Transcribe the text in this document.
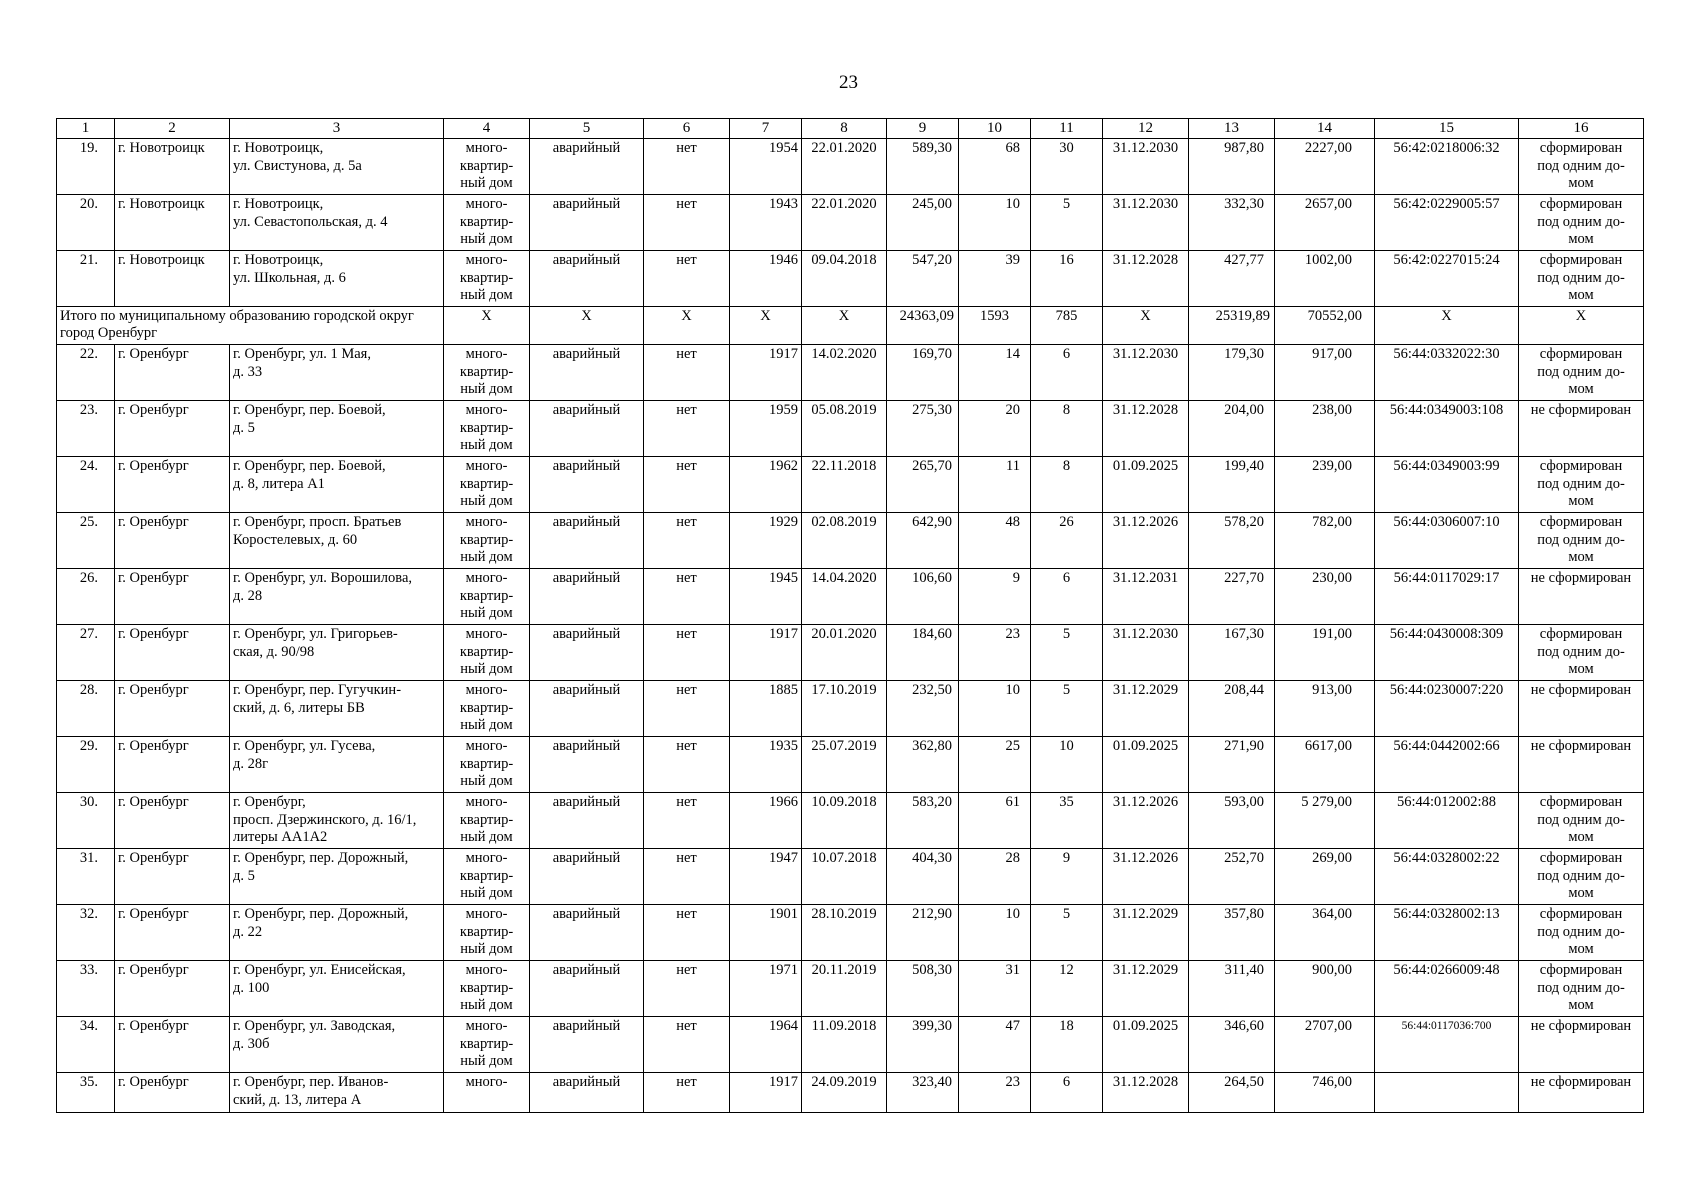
23
1	2	3	4	5	6	7	8	9	10	11	12	13	14	15	16
19.	г. Новотроицк	г. Новотроицк,
ул. Свистунова, д. 5а	много-
квартир-
ный дом	аварийный	нет	1954	22.01.2020	589,30	68	30	31.12.2030	987,80	2227,00	56:42:0218006:32	сформирован
под одним до-
мом
20.	г. Новотроицк	г. Новотроицк,
ул. Севастопольская, д. 4	много-
квартир-
ный дом	аварийный	нет	1943	22.01.2020	245,00	10	5	31.12.2030	332,30	2657,00	56:42:0229005:57	сформирован
под одним до-
мом
21.	г. Новотроицк	г. Новотроицк,
ул. Школьная, д. 6	много-
квартир-
ный дом	аварийный	нет	1946	09.04.2018	547,20	39	16	31.12.2028	427,77	1002,00	56:42:0227015:24	сформирован
под одним до-
мом
Итого по муниципальному образованию городской округ город Оренбург			X	X	X	X	X	24363,09	1593	785	X	25319,89	70552,00	X	X
22.	г. Оренбург	г. Оренбург, ул. 1 Мая,
д. 33	много-
квартир-
ный дом	аварийный	нет	1917	14.02.2020	169,70	14	6	31.12.2030	179,30	917,00	56:44:0332022:30	сформирован
под одним до-
мом
23.	г. Оренбург	г. Оренбург, пер. Боевой,
д. 5	много-
квартир-
ный дом	аварийный	нет	1959	05.08.2019	275,30	20	8	31.12.2028	204,00	238,00	56:44:0349003:108	не сформирован
24.	г. Оренбург	г. Оренбург, пер. Боевой,
д. 8, литера А1	много-
квартир-
ный дом	аварийный	нет	1962	22.11.2018	265,70	11	8	01.09.2025	199,40	239,00	56:44:0349003:99	сформирован
под одним до-
мом
25.	г. Оренбург	г. Оренбург, просп. Братьев
Коростелевых, д. 60	много-
квартир-
ный дом	аварийный	нет	1929	02.08.2019	642,90	48	26	31.12.2026	578,20	782,00	56:44:0306007:10	сформирован
под одним до-
мом
26.	г. Оренбург	г. Оренбург, ул. Ворошилова,
д. 28	много-
квартир-
ный дом	аварийный	нет	1945	14.04.2020	106,60	9	6	31.12.2031	227,70	230,00	56:44:0117029:17	не сформирован
27.	г. Оренбург	г. Оренбург, ул. Григорьев-
ская, д. 90/98	много-
квартир-
ный дом	аварийный	нет	1917	20.01.2020	184,60	23	5	31.12.2030	167,30	191,00	56:44:0430008:309	сформирован
под одним до-
мом
28.	г. Оренбург	г. Оренбург, пер. Гугучкин-
ский, д. 6, литеры БВ	много-
квартир-
ный дом	аварийный	нет	1885	17.10.2019	232,50	10	5	31.12.2029	208,44	913,00	56:44:0230007:220	не сформирован
29.	г. Оренбург	г. Оренбург, ул. Гусева,
д. 28г	много-
квартир-
ный дом	аварийный	нет	1935	25.07.2019	362,80	25	10	01.09.2025	271,90	6617,00	56:44:0442002:66	не сформирован
30.	г. Оренбург	г. Оренбург,
просп. Дзержинского, д. 16/1,
литеры АА1А2	много-
квартир-
ный дом	аварийный	нет	1966	10.09.2018	583,20	61	35	31.12.2026	593,00	5 279,00	56:44:012002:88	сформирован
под одним до-
мом
31.	г. Оренбург	г. Оренбург, пер. Дорожный,
д. 5	много-
квартир-
ный дом	аварийный	нет	1947	10.07.2018	404,30	28	9	31.12.2026	252,70	269,00	56:44:0328002:22	сформирован
под одним до-
мом
32.	г. Оренбург	г. Оренбург, пер. Дорожный,
д. 22	много-
квартир-
ный дом	аварийный	нет	1901	28.10.2019	212,90	10	5	31.12.2029	357,80	364,00	56:44:0328002:13	сформирован
под одним до-
мом
33.	г. Оренбург	г. Оренбург, ул. Енисейская,
д. 100	много-
квартир-
ный дом	аварийный	нет	1971	20.11.2019	508,30	31	12	31.12.2029	311,40	900,00	56:44:0266009:48	сформирован
под одним до-
мом
34.	г. Оренбург	г. Оренбург, ул. Заводская,
д. 30б	много-
квартир-
ный дом	аварийный	нет	1964	11.09.2018	399,30	47	18	01.09.2025	346,60	2707,00	56:44:0117036:700	не сформирован
35.	г. Оренбург	г. Оренбург, пер. Иванов-
ский, д. 13, литера А	много-	аварийный	нет	1917	24.09.2019	323,40	23	6	31.12.2028	264,50	746,00		не сформирован
